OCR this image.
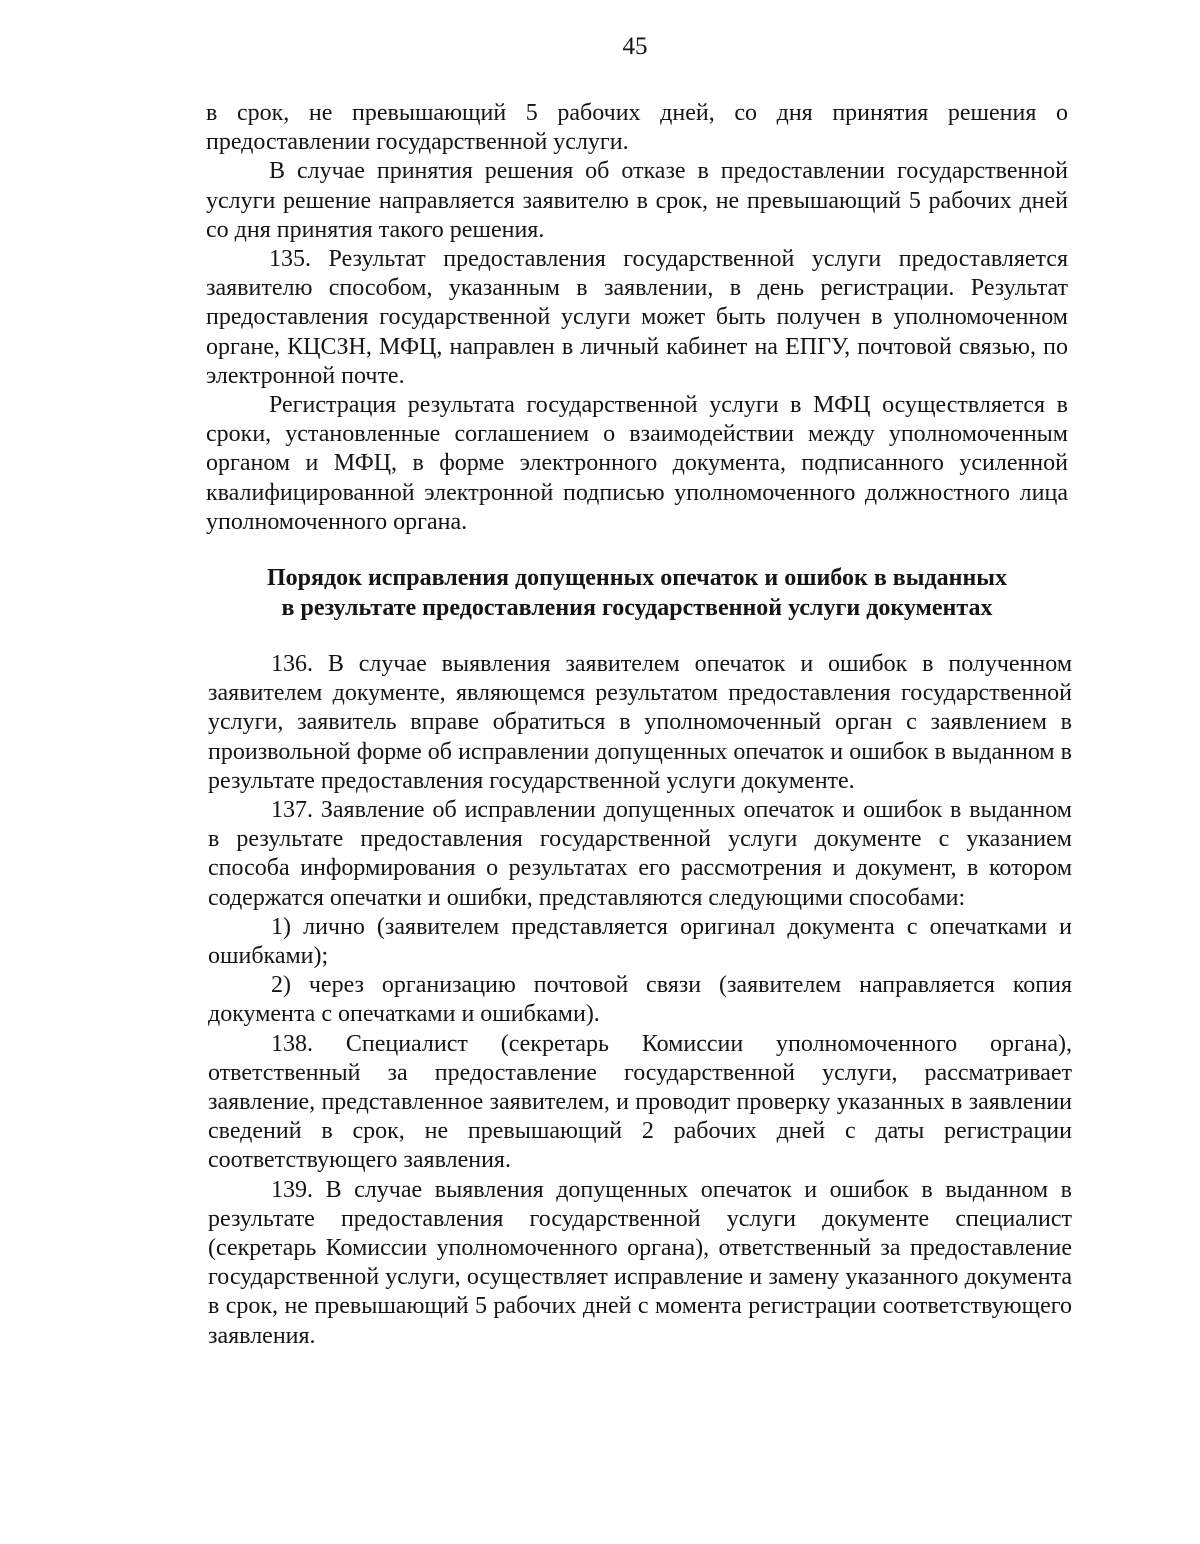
45

в срок, не превышающий 5 рабочих дней, со дня принятия решения о предоставлении государственной услуги.

В случае принятия решения об отказе в предоставлении государственной услуги решение направляется заявителю в срок, не превышающий 5 рабочих дней со дня принятия такого решения.

135. Результат предоставления государственной услуги предоставляется заявителю способом, указанным в заявлении, в день регистрации. Результат предоставления государственной услуги может быть получен в уполномоченном органе, КЦСЗН, МФЦ, направлен в личный кабинет на ЕПГУ, почтовой связью, по электронной почте.

Регистрация результата государственной услуги в МФЦ осуществляется в сроки, установленные соглашением о взаимодействии между уполномоченным органом и МФЦ, в форме электронного документа, подписанного усиленной квалифицированной электронной подписью уполномоченного должностного лица уполномоченного органа.

Порядок исправления допущенных опечаток и ошибок в выданных
в результате предоставления государственной услуги документах

136. В случае выявления заявителем опечаток и ошибок в полученном заявителем документе, являющемся результатом предоставления государственной услуги, заявитель вправе обратиться в уполномоченный орган с заявлением в произвольной форме об исправлении допущенных опечаток и ошибок в выданном в результате предоставления государственной услуги документе.

137. Заявление об исправлении допущенных опечаток и ошибок в выданном в результате предоставления государственной услуги документе с указанием способа информирования о результатах его рассмотрения и документ, в котором содержатся опечатки и ошибки, представляются следующими способами:

1) лично (заявителем представляется оригинал документа с опечатками и ошибками);

2) через организацию почтовой связи (заявителем направляется копия документа с опечатками и ошибками).

138. Специалист (секретарь Комиссии уполномоченного органа), ответственный за предоставление государственной услуги, рассматривает заявление, представленное заявителем, и проводит проверку указанных в заявлении сведений в срок, не превышающий 2 рабочих дней с даты регистрации соответствующего заявления.

139. В случае выявления допущенных опечаток и ошибок в выданном в результате предоставления государственной услуги документе специалист (секретарь Комиссии уполномоченного органа), ответственный за предоставление государственной услуги, осуществляет исправление и замену указанного документа в срок, не превышающий 5 рабочих дней с момента регистрации соответствующего заявления.
